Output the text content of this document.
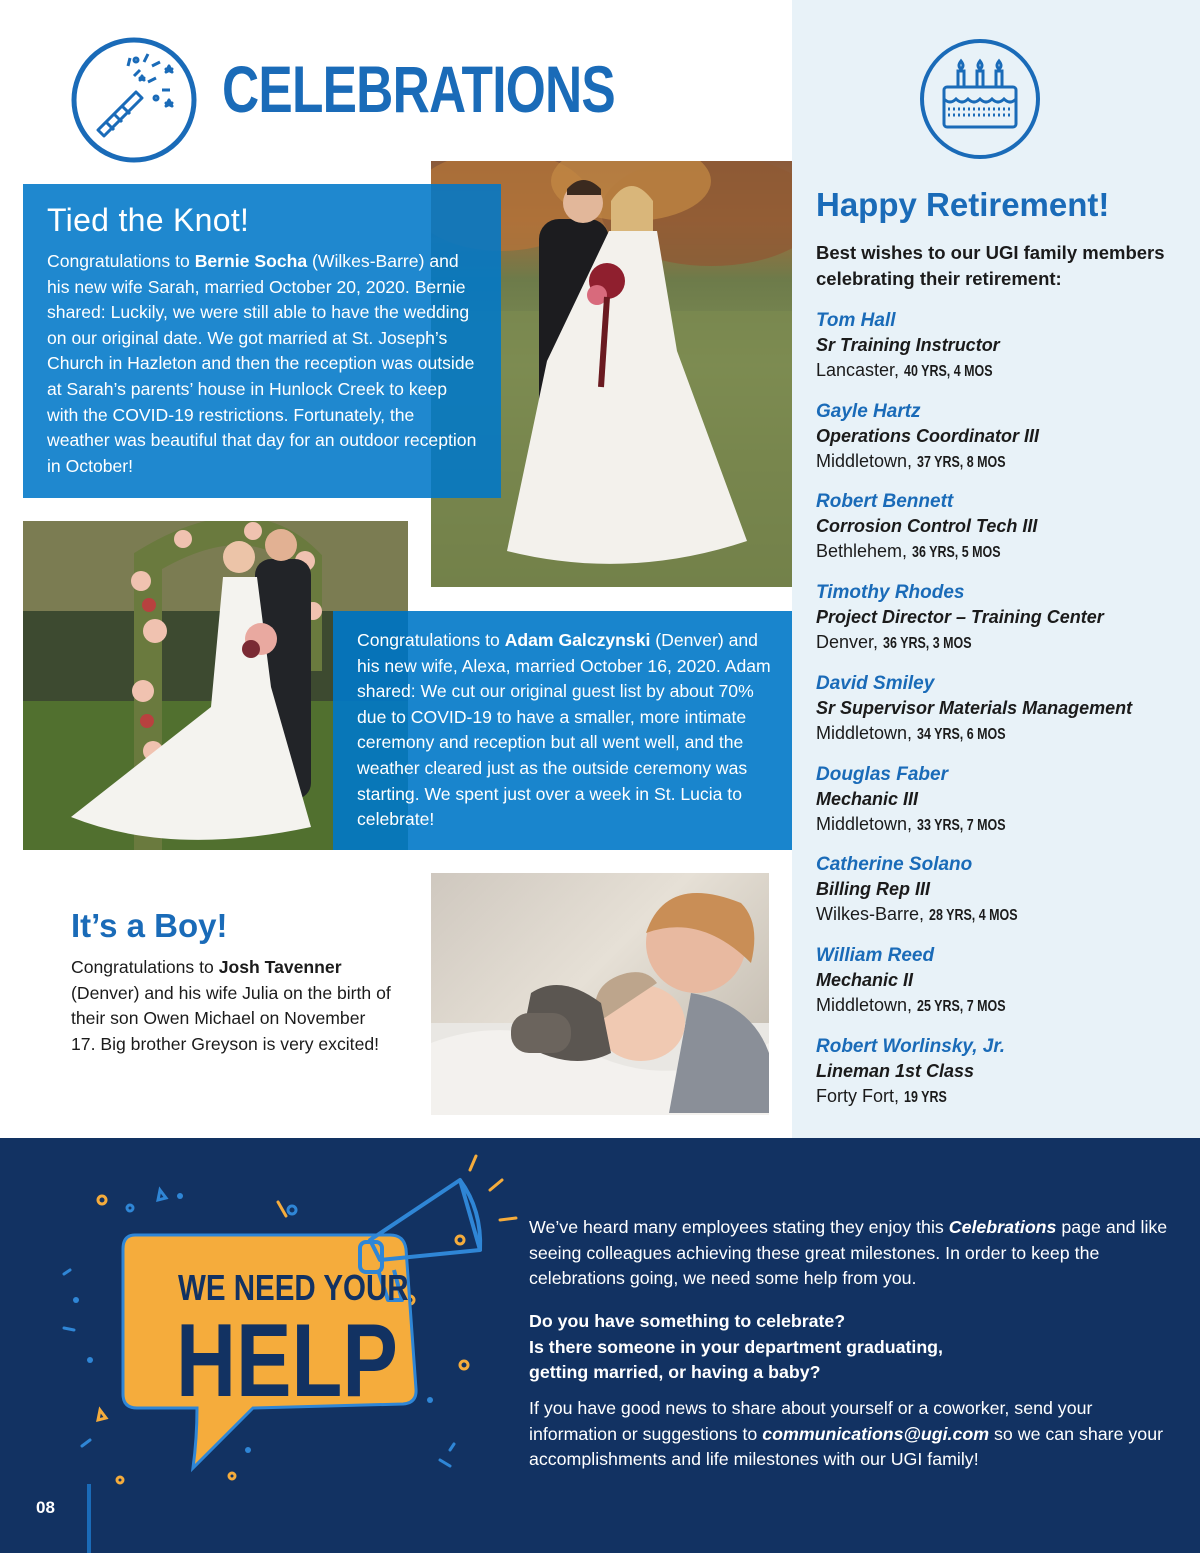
CELEBRATIONS
Happy Retirement!
Best wishes to our UGI family members celebrating their retirement:
Tom Hall
Sr Training Instructor
Lancaster, 40 YRS, 4 MOS
Gayle Hartz
Operations Coordinator III
Middletown, 37 YRS, 8 MOS
Robert Bennett
Corrosion Control Tech III
Bethlehem, 36 YRS, 5 MOS
Timothy Rhodes
Project Director – Training Center
Denver, 36 YRS, 3 MOS
David Smiley
Sr Supervisor Materials Management
Middletown, 34 YRS, 6 MOS
Douglas Faber
Mechanic III
Middletown, 33 YRS, 7 MOS
Catherine Solano
Billing Rep III
Wilkes-Barre, 28 YRS, 4 MOS
William Reed
Mechanic II
Middletown, 25 YRS, 7 MOS
Robert Worlinsky, Jr.
Lineman 1st Class
Forty Fort, 19 YRS
Tied the Knot!

Congratulations to Bernie Socha (Wilkes-Barre) and his new wife Sarah, married October 20, 2020. Bernie shared: Luckily, we were still able to have the wedding on our original date. We got married at St. Joseph’s Church in Hazleton and then the reception was outside at Sarah’s parents’ house in Hunlock Creek to keep with the COVID-19 restrictions. Fortunately, the weather was beautiful that day for an outdoor reception in October!

Congratulations to Adam Galczynski (Denver) and his new wife, Alexa, married October 16, 2020. Adam shared: We cut our original guest list by about 70% due to COVID-19 to have a smaller, more intimate ceremony and reception but all went well, and the weather cleared just as the outside ceremony was starting. We spent just over a week in St. Lucia to celebrate!

It’s a Boy!

Congratulations to Josh Tavenner (Denver) and his wife Julia on the birth of their son Owen Michael on November 17. Big brother Greyson is very excited!

WE NEED YOUR
HELP

We’ve heard many employees stating they enjoy this Celebrations page and like seeing colleagues achieving these great milestones. In order to keep the celebrations going, we need some help from you.

Do you have something to celebrate?
Is there someone in your department graduating,
getting married, or having a baby?

If you have good news to share about yourself or a coworker, send your information or suggestions to communications@ugi.com so we can share your accomplishments and life milestones with our UGI family!

08
